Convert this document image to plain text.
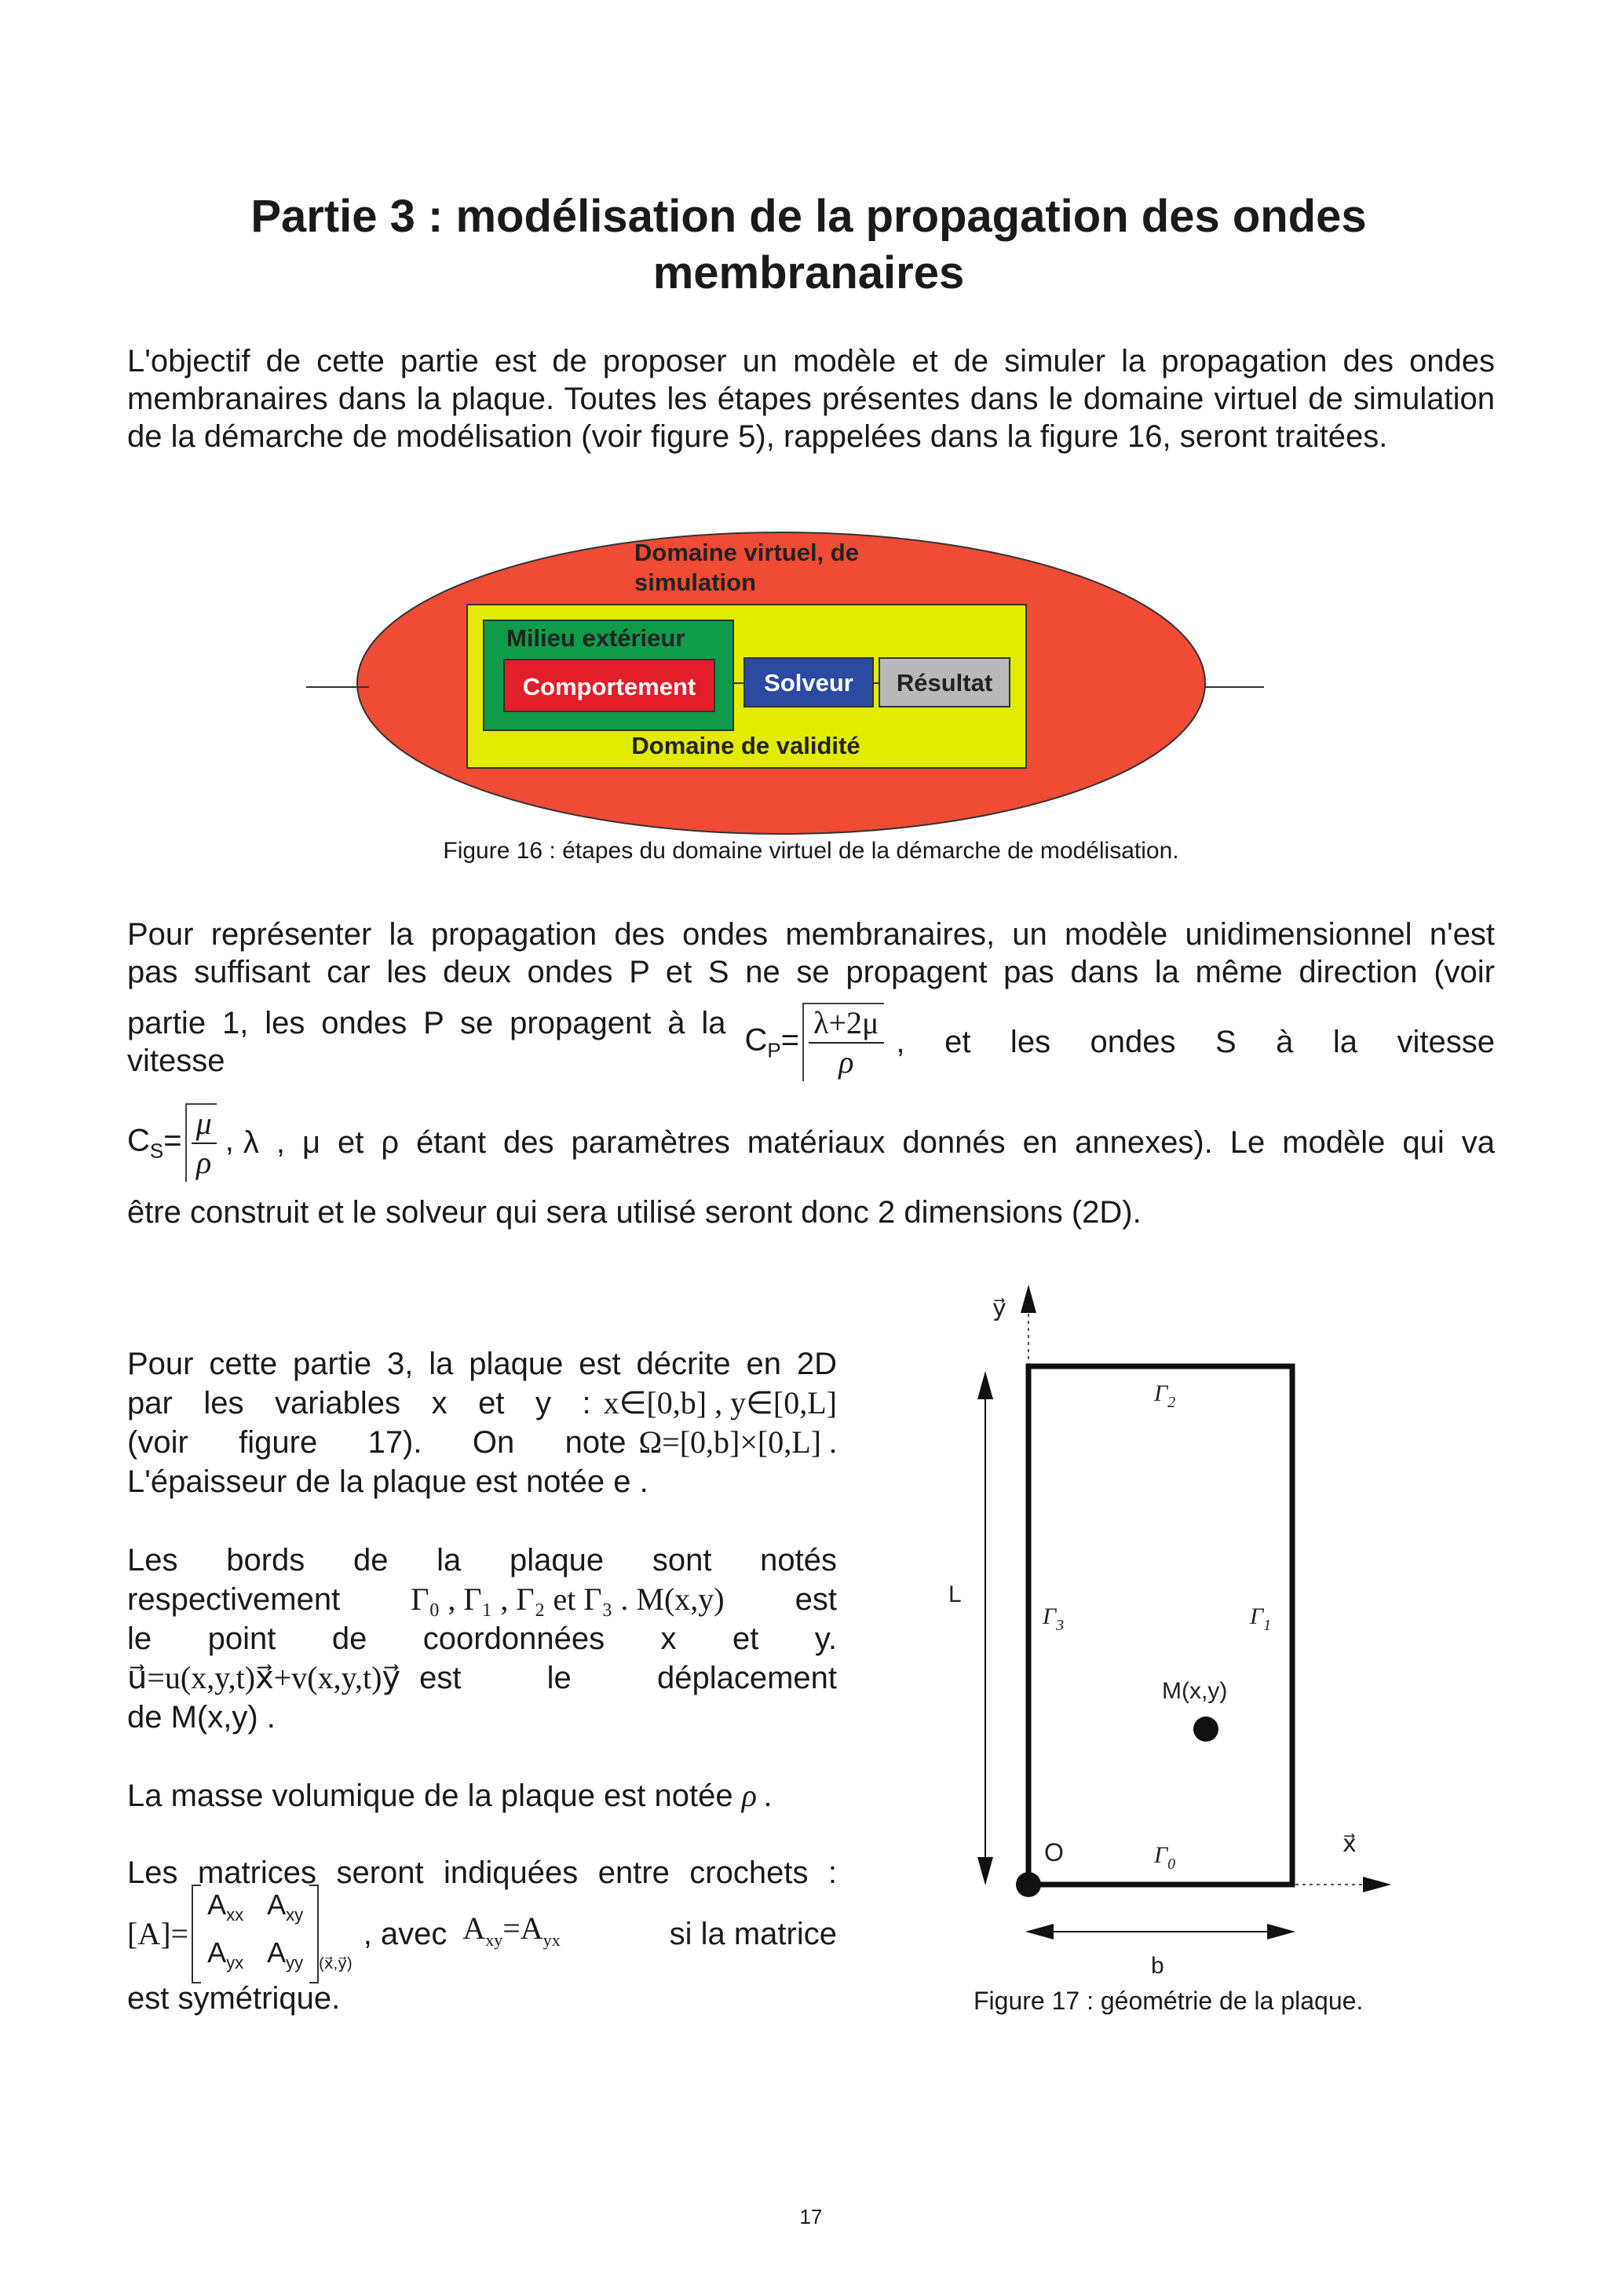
Partie 3 : modélisation de la propagation des ondes
membranaires
L'objectif de cette partie est de proposer un modèle et de simuler la propagation des ondes membranaires dans la plaque. Toutes les étapes présentes dans le domaine virtuel de simulation de la démarche de modélisation (voir figure 5), rappelées dans la figure 16, seront traitées.
Domaine virtuel, de
simulation
Milieu extérieur
Comportement	Solveur Résultat
Domaine de validité
Figure 16 : étapes du domaine virtuel de la démarche de modélisation.
Pour représenter la propagation des ondes membranaires, un modèle unidimensionnel n'est
pas suffisant car les deux ondes P et S ne se propagent pas dans la même direction (voir
partie 1, les ondes P se propagent à la vitesse
$C_P= \frac{\lambda+2\mu}{\rho}$ , et les ondes S à la vitesse
$C_S= \frac{\mu}{\rho}$ , λ , μ et ρ étant des paramètres matériaux donnés en annexes). Le modèle qui va
être construit et le solveur qui sera utilisé seront donc 2 dimensions (2D).
Pour cette partie 3, la plaque est décrite en 2D
par les variables x et y : x∈[0,b] , y∈[0,L]
(voir figure 17). On note Ω=[0,b]×[0,L] .
L'épaisseur de la plaque est notée e .
Les bords de la plaque sont notés
respectivement Γ₀ , Γ₁ , Γ₂ et Γ₃ . M(x,y) est
le point de coordonnées x et y.
u⃗=u(x,y,t)x⃗+v(x,y,t)y⃗ est le déplacement
de M(x,y) .
La masse volumique de la plaque est notée ρ .
Les matrices seront indiquées entre crochets :
[A]=
$A_{xx}$ $A_{xy}$
$A_{yx}$ $A_{yy}$ (x⃗,y⃗)
, avec $A_{xy}=A_{yx}$	si la matrice
est symétrique.
y⃗
x⃗
L
b
O
M(x,y)
$\Gamma_2$
$\Gamma_3$	$\Gamma_1$
$\Gamma_0$
Figure 17 : géométrie de la plaque.
17
